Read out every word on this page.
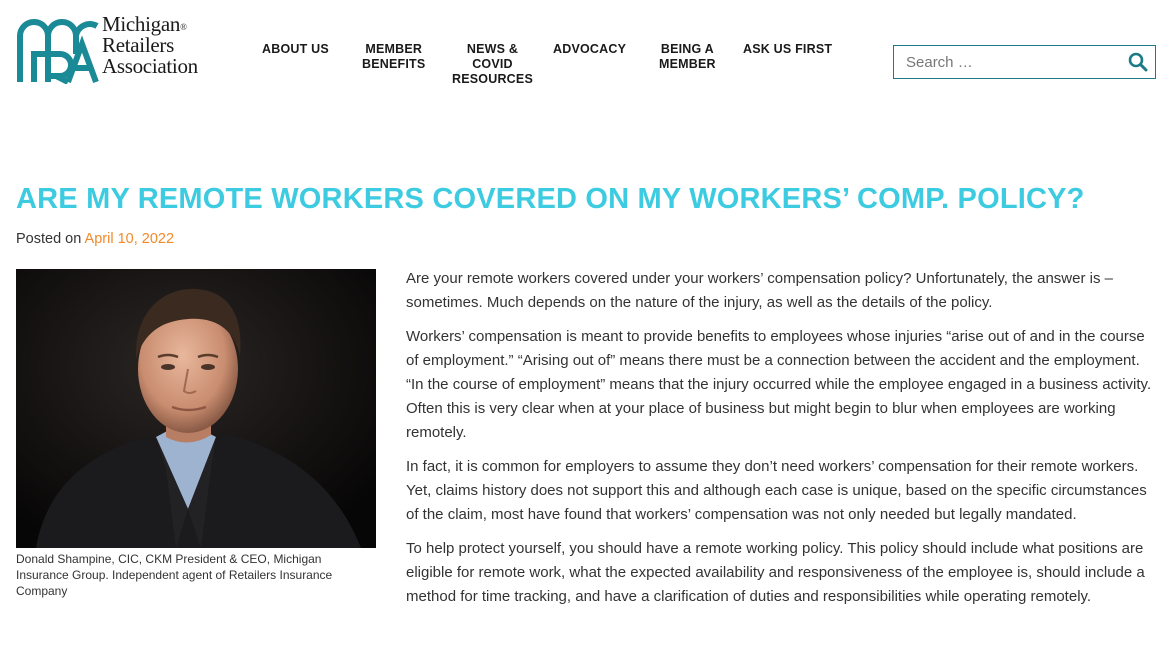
Michigan®
Retailers
Association
ABOUT US	MEMBER
BENEFITS
NEWS &
COVID
RESOURCES
ADVOCACY	BEING A
MEMBER
ASK US FIRST
Search …
ARE MY REMOTE WORKERS COVERED ON MY WORKERS’ COMP. POLICY?
Posted on April 10, 2022
Donald Shampine, CIC, CKM President & CEO, Michigan Insurance Group. Independent agent of Retailers Insurance Company

Are your remote workers covered under your workers’ compensation policy? Unfortunately, the answer is – sometimes. Much depends on the nature of the injury, as well as the details of the policy.

Workers’ compensation is meant to provide benefits to employees whose injuries “arise out of and in the course of employment.” “Arising out of” means there must be a connection between the accident and the employment. “In the course of employment” means that the injury occurred while the employee engaged in a business activity. Often this is very clear when at your place of business but might begin to blur when employees are working remotely.

In fact, it is common for employers to assume they don’t need workers’ compensation for their remote workers. Yet, claims history does not support this and although each case is unique, based on the specific circumstances of the claim, most have found that workers’ compensation was not only needed but legally mandated.

To help protect yourself, you should have a remote working policy. This policy should include what positions are eligible for remote work, what the expected availability and responsiveness of the employee is, should include a method for time tracking, and have a clarification of duties and responsibilities while operating remotely.
